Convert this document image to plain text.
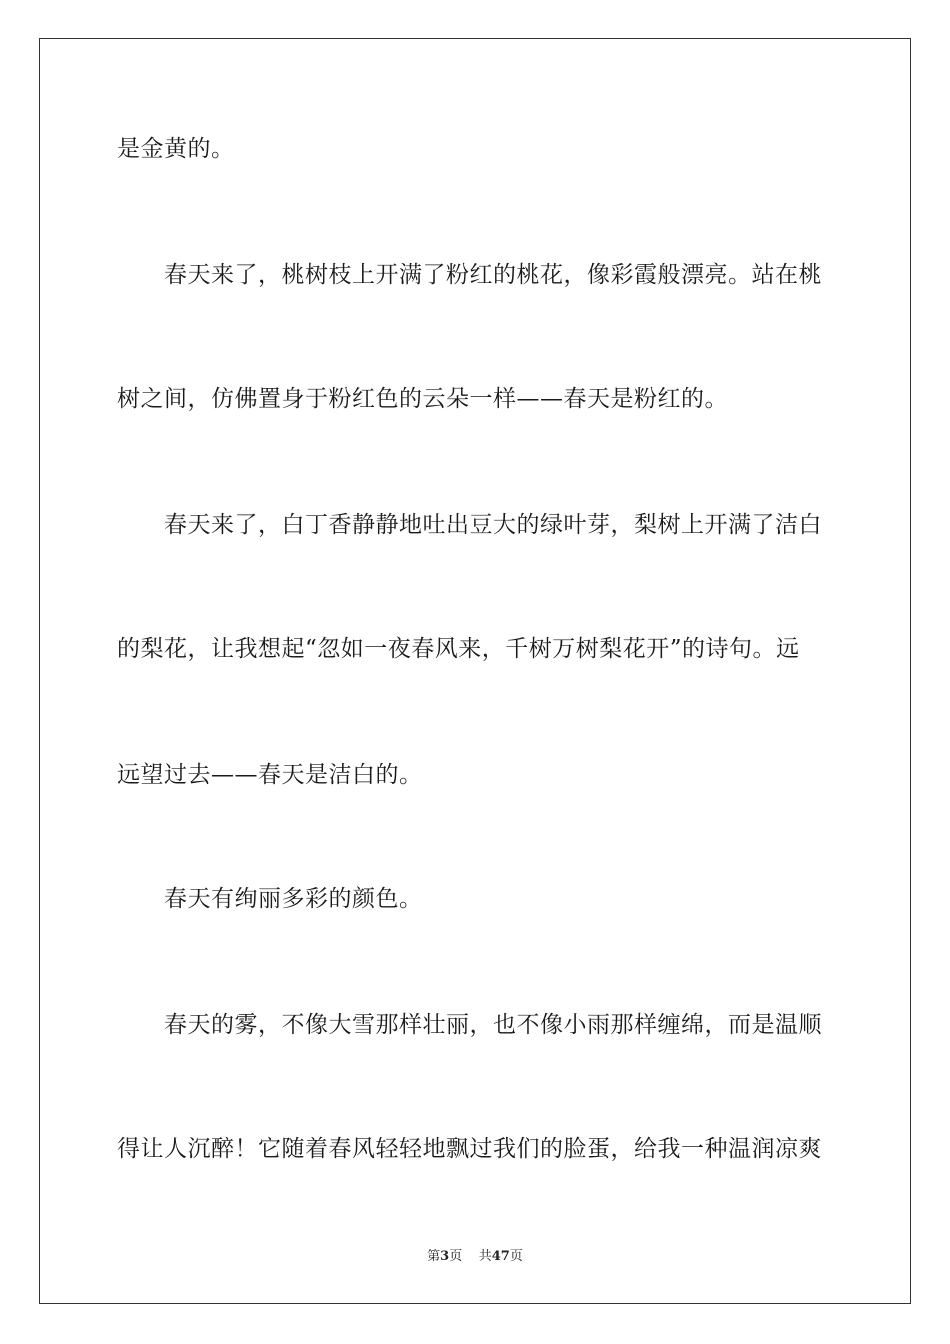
是金黄的。
春天来了，桃树枝上开满了粉红的桃花，像彩霞般漂亮。站在桃
树之间，仿佛置身于粉红色的云朵一样——春天是粉红的。
春天来了，白丁香静静地吐出豆大的绿叶芽，梨树上开满了洁白
的梨花，让我想起“忽如一夜春风来，千树万树梨花开”的诗句。远
远望过去——春天是洁白的。
春天有绚丽多彩的颜色。
春天的雾，不像大雪那样壮丽，也不像小雨那样缠绵，而是温顺
得让人沉醉！它随着春风轻轻地飘过我们的脸蛋，给我一种温润凉爽
第3页 共47页
